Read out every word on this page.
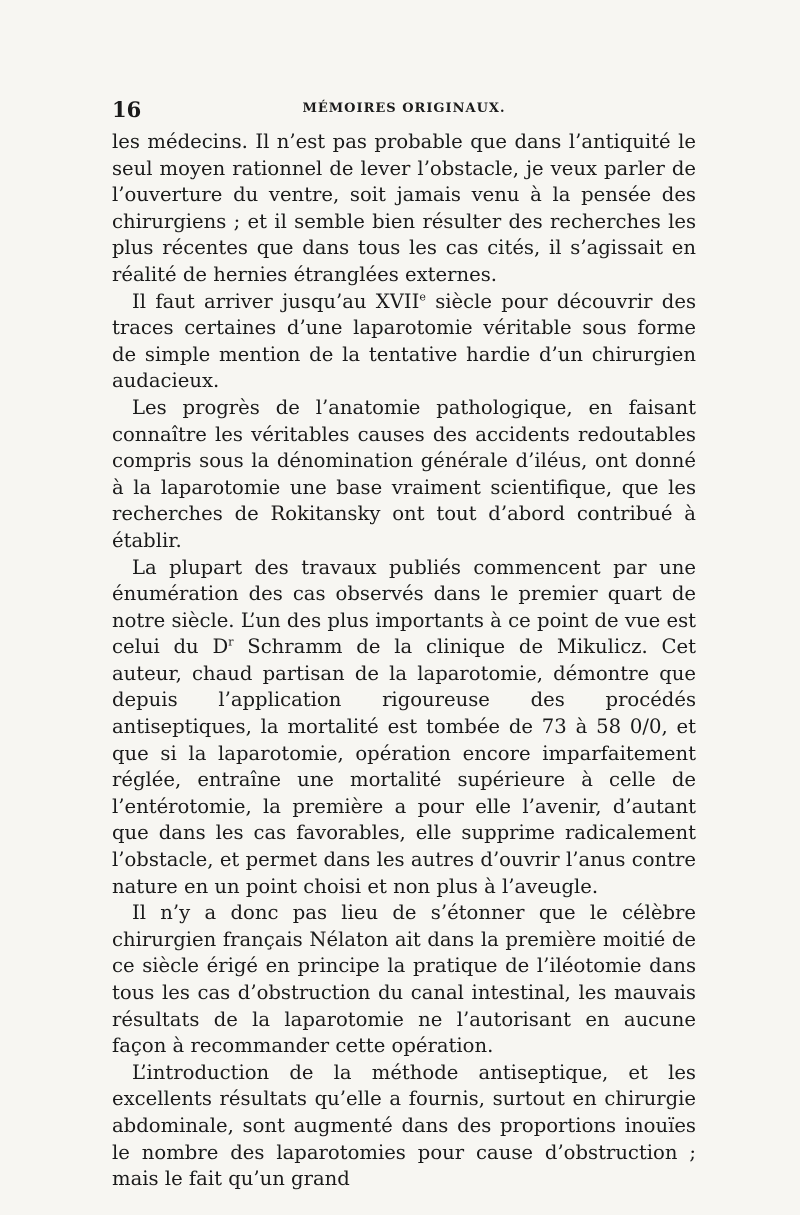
16	MÉMOIRES ORIGINAUX.

les médecins. Il n’est pas probable que dans l’antiquité le seul moyen rationnel de lever l’obstacle, je veux parler de l’ouverture du ventre, soit jamais venu à la pensée des chirurgiens ; et il semble bien résulter des recherches les plus récentes que dans tous les cas cités, il s’agissait en réalité de hernies étranglées externes.

Il faut arriver jusqu’au XVIIe siècle pour découvrir des traces certaines d’une laparotomie véritable sous forme de simple mention de la tentative hardie d’un chirurgien audacieux.

Les progrès de l’anatomie pathologique, en faisant connaître les véritables causes des accidents redoutables compris sous la dénomination générale d’iléus, ont donné à la laparotomie une base vraiment scientifique, que les recherches de Rokitansky ont tout d’abord contribué à établir.

La plupart des travaux publiés commencent par une énumération des cas observés dans le premier quart de notre siècle. L’un des plus importants à ce point de vue est celui du $D^r$ Schramm de la clinique de Mikulicz. Cet auteur, chaud partisan de la laparotomie, démontre que depuis l’application rigoureuse des procédés antiseptiques, la mortalité est tombée de 73 à 58 0/0, et que si la laparotomie, opération encore imparfaitement réglée, entraîne une mortalité supérieure à celle de l’entérotomie, la première a pour elle l’avenir, d’autant que dans les cas favorables, elle supprime radicalement l’obstacle, et permet dans les autres d’ouvrir l’anus contre nature en un point choisi et non plus à l’aveugle.

Il n’y a donc pas lieu de s’étonner que le célèbre chirurgien français Nélaton ait dans la première moitié de ce siècle érigé en principe la pratique de l’iléotomie dans tous les cas d’obstruction du canal intestinal, les mauvais résultats de la laparotomie ne l’autorisant en aucune façon à recommander cette opération.

L’introduction de la méthode antiseptique, et les excellents résultats qu’elle a fournis, surtout en chirurgie abdominale, sont augmenté dans des proportions inouïes le nombre des laparotomies pour cause d’obstruction ; mais le fait qu’un grand
